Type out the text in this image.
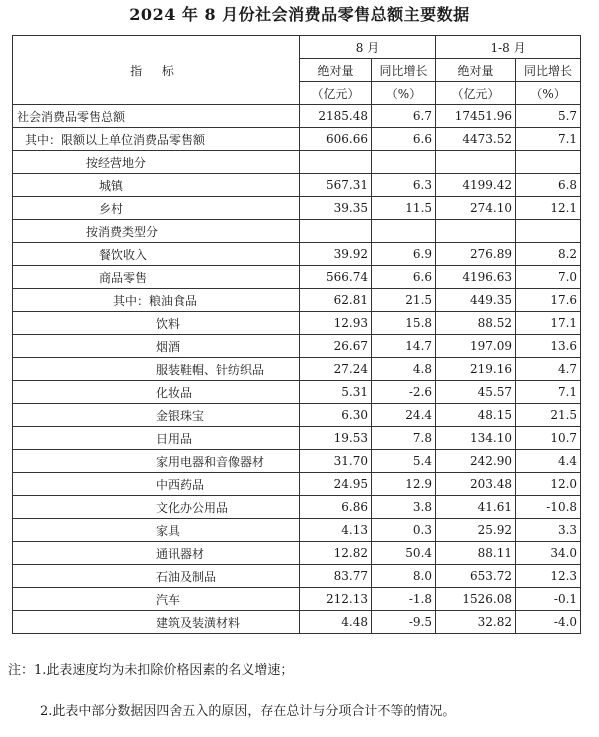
2024 年 8 月份社会消费品零售总额主要数据
指 标	8 月		1-8 月	
	绝对量	同比增长	绝对量	同比增长
	（亿元）	（%）	（亿元）	（%）
社会消费品零售总额	2185.48	6.7	17451.96	5.7
其中：限额以上单位消费品零售额	606.66	6.6	4473.52	7.1
按经营地分				
城镇	567.31	6.3	4199.42	6.8
乡村	39.35	11.5	274.10	12.1
按消费类型分				
餐饮收入	39.92	6.9	276.89	8.2
商品零售	566.74	6.6	4196.63	7.0
其中：粮油食品	62.81	21.5	449.35	17.6
饮料	12.93	15.8	88.52	17.1
烟酒	26.67	14.7	197.09	13.6
服装鞋帽、针纺织品	27.24	4.8	219.16	4.7
化妆品	5.31	-2.6	45.57	7.1
金银珠宝	6.30	24.4	48.15	21.5
日用品	19.53	7.8	134.10	10.7
家用电器和音像器材	31.70	5.4	242.90	4.4
中西药品	24.95	12.9	203.48	12.0
文化办公用品	6.86	3.8	41.61	-10.8
家具	4.13	0.3	25.92	3.3
通讯器材	12.82	50.4	88.11	34.0
石油及制品	83.77	8.0	653.72	12.3
汽车	212.13	-1.8	1526.08	-0.1
建筑及装潢材料	4.48	-9.5	32.82	-4.0
注：1.此表速度均为未扣除价格因素的名义增速；
2.此表中部分数据因四舍五入的原因，存在总计与分项合计不等的情况。
